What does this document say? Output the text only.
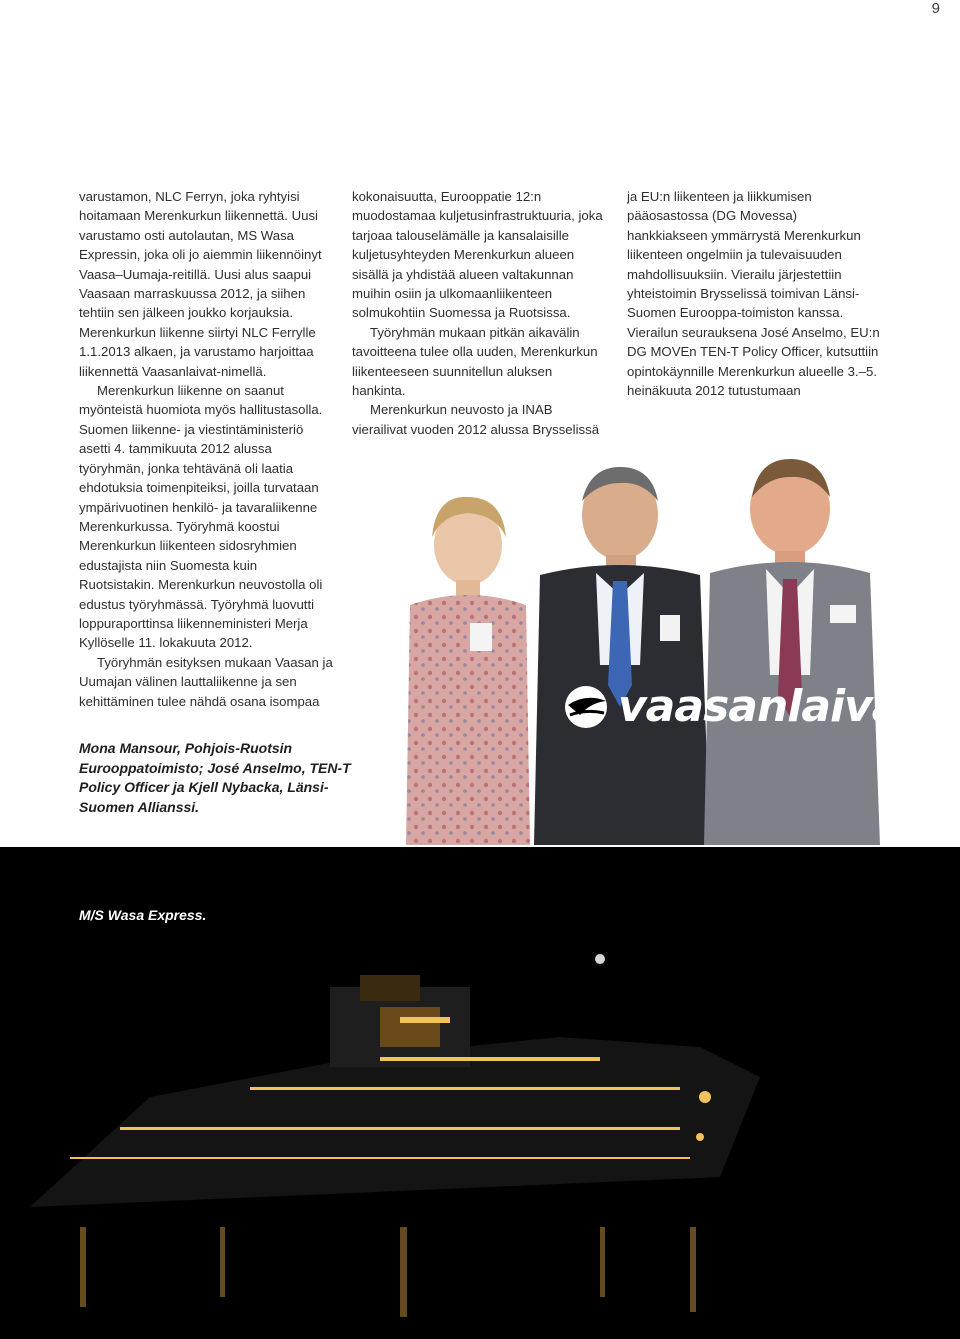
9

varustamon, NLC Ferryn, joka ryhtyisi hoitamaan Merenkurkun liikennettä. Uusi varustamo osti autolautan, MS Wasa Expressin, joka oli jo aiemmin liikennöinyt Vaasa–Uumaja-reitillä. Uusi alus saapui Vaasaan marraskuussa 2012, ja siihen tehtiin sen jälkeen joukko korjauksia. Merenkurkun liikenne siirtyi NLC Ferrylle 1.1.2013 alkaen, ja varustamo harjoittaa liikennettä Vaasanlaivat-nimellä.

Merenkurkun liikenne on saanut myönteistä huomiota myös hallitustasolla. Suomen liikenne- ja viestintäministeriö asetti 4. tammikuuta 2012 alussa työryhmän, jonka tehtävänä oli laatia ehdotuksia toimenpiteiksi, joilla turvataan ympärivuotinen henkilö- ja tavaraliikenne Merenkurkussa. Työryhmä koostui Merenkurkun liikenteen sidosryhmien edustajista niin Suomesta kuin Ruotsistakin. Merenkurkun neuvostolla oli edustus työryhmässä. Työryhmä luovutti loppuraporttinsa liikenneministeri Merja Kyllöselle 11. lokakuuta 2012.

Työryhmän esityksen mukaan Vaasan ja Uumajan välinen lauttaliikenne ja sen kehittäminen tulee nähdä osana isompaa

kokonaisuutta, Eurooppatie 12:n muodostamaa kuljetusinfrastruktuuria, joka tarjoaa talouselämälle ja kansalaisille kuljetusyhteyden Merenkurkun alueen sisällä ja yhdistää alueen valtakunnan muihin osiin ja ulkomaanliikenteen solmukohtiin Suomessa ja Ruotsissa.

Työryhmän mukaan pitkän aikavälin tavoitteena tulee olla uuden, Merenkurkun liikenteeseen suunnitellun aluksen hankinta.

Merenkurkun neuvosto ja INAB vierailivat vuoden 2012 alussa Brysselissä

ja EU:n liikenteen ja liikkumisen pääosastossa (DG Movessa) hankkiakseen ymmärrystä Merenkurkun liikenteen ongelmiin ja tulevaisuuden mahdollisuuksiin. Vierailu järjestettiin yhteistoimin Brysselissä toimivan Länsi-Suomen Eurooppa-toimiston kanssa. Vierailun seurauksena José Anselmo, EU:n DG MOVEn TEN-T Policy Officer, kutsuttiin opintokäynnille Merenkurkun alueelle 3.–5. heinäkuuta 2012 tutustumaan

Mona Mansour, Pohjois-Ruotsin Eurooppatoimisto; José Anselmo, TEN-T Policy Officer ja Kjell Nybacka, Länsi-Suomen Allianssi.
M/S Wasa Express.
vaasanlaivat
